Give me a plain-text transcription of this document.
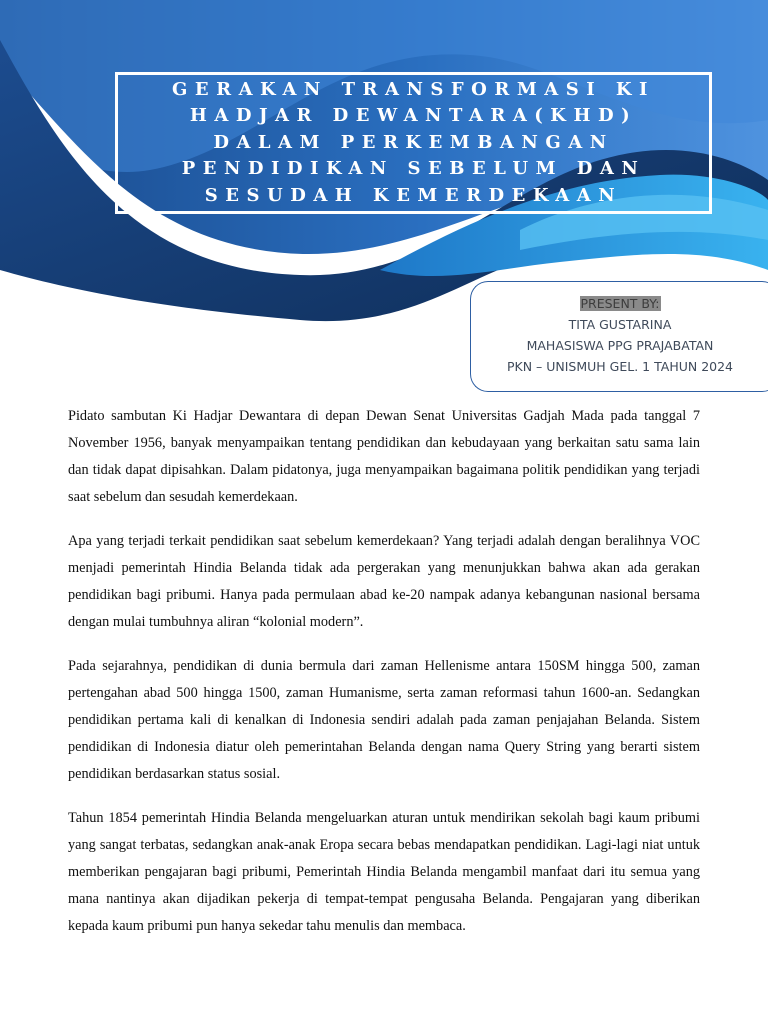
GERAKAN TRANSFORMASI KI
HADJAR DEWANTARA(KHD)
DALAM PERKEMBANGAN
PENDIDIKAN SEBELUM DAN
SESUDAH KEMERDEKAAN
PRESENT BY:
TITA GUSTARINA
MAHASISWA PPG PRAJABATAN
PKN – UNISMUH GEL. 1 TAHUN 2024

Pidato sambutan Ki Hadjar Dewantara di depan Dewan Senat Universitas Gadjah Mada pada tanggal 7 November 1956, banyak menyampaikan tentang pendidikan dan kebudayaan yang berkaitan satu sama lain dan tidak dapat dipisahkan. Dalam pidatonya, juga menyampaikan bagaimana politik pendidikan yang terjadi saat sebelum dan sesudah kemerdekaan.

Apa yang terjadi terkait pendidikan saat sebelum kemerdekaan? Yang terjadi adalah dengan beralihnya VOC menjadi pemerintah Hindia Belanda tidak ada pergerakan yang menunjukkan bahwa akan ada gerakan pendidikan bagi pribumi. Hanya pada permulaan abad ke-20 nampak adanya kebangunan nasional bersama dengan mulai tumbuhnya aliran “kolonial modern”.

Pada sejarahnya, pendidikan di dunia bermula dari zaman Hellenisme antara 150SM hingga 500, zaman pertengahan abad 500 hingga 1500, zaman Humanisme, serta zaman reformasi tahun 1600-an. Sedangkan pendidikan pertama kali di kenalkan di Indonesia sendiri adalah pada zaman penjajahan Belanda. Sistem pendidikan di Indonesia diatur oleh pemerintahan Belanda dengan nama Query String yang berarti sistem pendidikan berdasarkan status sosial.

Tahun 1854 pemerintah Hindia Belanda mengeluarkan aturan untuk mendirikan sekolah bagi kaum pribumi yang sangat terbatas, sedangkan anak-anak Eropa secara bebas mendapatkan pendidikan. Lagi-lagi niat untuk memberikan pengajaran bagi pribumi, Pemerintah Hindia Belanda mengambil manfaat dari itu semua yang mana nantinya akan dijadikan pekerja di tempat-tempat pengusaha Belanda. Pengajaran yang diberikan kepada kaum pribumi pun hanya sekedar tahu menulis dan membaca.
